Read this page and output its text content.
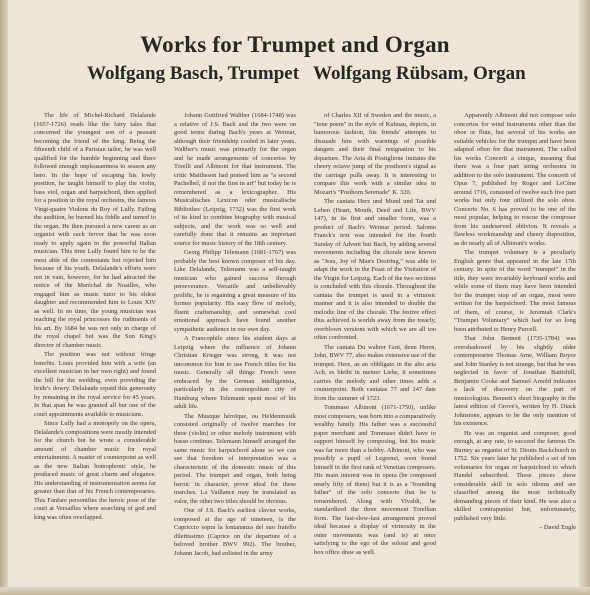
Works for Trumpet and Organ
Wolfgang Basch, Trumpet Wolfgang Rübsam, Organ

The life of Michel-Richard Delalande (1657-1726) reads like the fairy tales that concerned the youngest son of a peasant becoming the friend of the king. Being the fifteenth child of a Parisian tailor, he was well qualified for the humble beginning and there followed enough unpleasantness to season any hero. In the hope of escaping his lowly position, he taught himself to play the violin, bass viol, organ and harpsichord, then applied for a position in the royal orchestra, the famous Vingt-quatre Violons du Roy of Lully. Failing the audition, he burned his fiddle and turned to the organ. He then pursued a new career as an organist with such fervor that he was soon ready to apply again to the powerful Italian musician. This time Lully found him to be the most able of the contestants but rejected him because of his youth. Delalande's efforts were not in vain, however, for he had attracted the notice of the Maréchal de Noailles, who engaged him as music tutor to his eldest daughter and recommended him to Louis XIV as well. In no time, the young musician was teaching the royal princesses the rudiments of his art. By 1684 he was not only in charge of the royal chapel but was the Sun King's director of chamber music.

The position was not without fringe benefits. Louis provided him with a wife (an excellent musician in her own right) and found the bill for the wedding, even providing the bride's dowry. Delalande repaid this generosity by remaining in the royal service for 45 years. In that span he was granted all but one of the court appointments available to musicians.

Since Lully had a monopoly on the opera, Delalande's compositions were mostly intended for the church but he wrote a considerable amount of chamber music for royal entertainment. A master of counterpoint as well as the new Italian homophonic style, he produced music of great charm and elegance. His understanding of instrumentation seems far greater than that of his French contemporaries. This Fanfare personifies the heroic pose of the court at Versailles where searching of god and king was often overlapped.

Johann Gottfried Walther (1684-1748) was a relative of J.S. Bach and the two were on good terms during Bach's years at Weimar, although their friendship cooled in later years. Walther's music was primarily for the organ and he made arrangements of concertos by Torelli and Albinoni for that instrument. The critic Mattheson had praised him as "a second Pachelbel, if not the first in art" but today he is remembered as a lexicographer. His Musicalisches Lexicon oder musicalische Bibliothec (Leipzig, 1732) was the first work of its kind to combine biography with musical subjects, and the work was so well and carefully done that it remains an important source for music history of the 18th century.

Georg Philipp Telemann (1681-1767) was probably the best known composer of his day. Like Delalande, Telemann was a self-taught musician who gained success through perseverance. Versatile and unbelievably prolific, he is regaining a great measure of his former popularity. His easy flow of melody, fluent craftsmanship, and somewhat cool emotional approach have found another sympathetic audience in our own day.

A Francophile since his student days at Leipzig where the influence of Johann Christian Krieger was strong, it was not uncommon for him to use French titles for his music. Generally all things French were embraced by the German intelligentsia, particularly in the cosmopolitan city of Hamburg where Telemann spent most of his adult life.

The Musique héroïque, ou Heldenmusik consisted originally of twelve marches for three (violin) or other melody instrument with basso continuo. Telemann himself arranged the same music for harpsichord alone so we can see that freedom of interpretation was a characteristic of the domestic music of this period. The trumpet and organ, both being heroic in character, prove ideal for these marches. La Vaillance may be translated as valor, the other two titles should be obvious.

One of J.S. Bach's earliest clavier works, composed at the age of nineteen, is the Capriccio sopra la lontananza del suo fratello dilettissimo (Caprice on the departure of a beloved brother BWV 992). The brother, Johann Jacob, had enlisted in the army

of Charles XII of Sweden and the music, a "tone poem" in the style of Kuhnau, depicts, in humorous fashion, his friends' attempts to dissuade him with warnings of possible dangers and their final resignation to his departure. The Aria di Postiglione imitates the cheery octave jump of the posthorn's signal as the carriage pulls away. It is interesting to compare this work with a similar idea in Mozart's "Posthorn Serenade" K. 320.

The cantata Herz und Mund und Tat und Leben (Heart, Mouth, Deed and Life, BWV 147), in its first and smaller form, was a product of Bach's Weimar period. Salomo Franck's text was intended for the fourth Sunday of Advent but Bach, by adding several movements including the chorale now known as "Jesu, Joy of Man's Desiring," was able to adapt the work to the Feast of the Visitation of the Virgin for Leipzig. Each of the two sections is concluded with this chorale. Throughout the cantata the trumpet is used in a virtuosic manner and it is also intended to double the melodic line of the chorale. The festive effect thus achieved is worlds away from the treacly, overblown versions with which we are all too often confronted.

The cantata Du wahrer Gott, denn Herrn, John, BWV 77, also makes extensive use of the trumpet. Here, as an obbligato in the alto aria Ach, es bleibt in meiner Liebe, it sometimes carries the melody and other times adds a counterpoint. Both cantatas 77 and 147 date from the summer of 1723.

Tommaso Albinoni (1671-1750), unlike most composers, was born into a comparatively wealthy family. His father was a successful paper merchant and Tommaso didn't have to support himself by composing, but his music was far more than a hobby. Albinoni, who was possibly a pupil of Legrenzi, soon found himself in the first rank of Venetian composers. His main interest was in opera (he composed nearly fifty of them) but it is as a "founding father" of the solo concerto that he is remembered. Along with Vivaldi, he standardized the three movement Torellian form. The fast-slow-fast arrangement proved ideal because a display of virtuosity in the outer movements was (and is) at once satisfying to the ego of the soloist and good box office draw as well.

Apparently Albinoni did not compose solo concertos for wind instruments other than the oboe or flute, but several of his works are suitable vehicles for the trumpet and have been adapted often for that instrument. The called his works Concerti a cinque, meaning that there was a four part string orchestra in addition to the solo instrument. The concerti of Opus 7, published by Roger and LeCène around 1716, consisted of twelve such five part works but only four utilized the solo oboe. Concerto No. 6 has proved to be one of the most popular, helping to rescue the composer from his undeserved oblivion. It reveals a flawless workmanship and cheery disposition, as do nearly all of Albinoni's works.

The trumpet voluntary is a peculiarly English genre that appeared in the late 17th century. In spite of the word "trumpet" in the title, they were invariably keyboard works and while some of them may have been intended for the trumpet stop of an organ, most were written for the harpsichord. The most famous of them, of course, is Jeremiah Clark's "Trumpet Voluntary" which had for so long been attributed to Henry Purcell.

That John Bennett (1735-1784) was overshadowed by his slightly older contemporaries Thomas Arne, William Boyce and John Stanley is not strange, but that he was neglected in favor of Jonathan Battishill, Benjamin Cooke and Samuel Arnold indicates a lack of discovery on the part of musicologists. Bennett's short biography in the latest edition of Grove's, written by H. Diack Johnstone, appears to be the only mention of his existence.

He was an organist and composer, good enough, at any rate, to succeed the famous Dr. Burney as organist of St. Dionis Backchurch in 1752. Six years later he published a set of ten voluntaries for organ or harpsichord to which Handel subscribed. These pieces show considerable skill in solo idioms and are classified among the most technically demanding pieces of their kind. He was also a skilled contrapuntist but, unfortunately, published very little.

– David Engle
